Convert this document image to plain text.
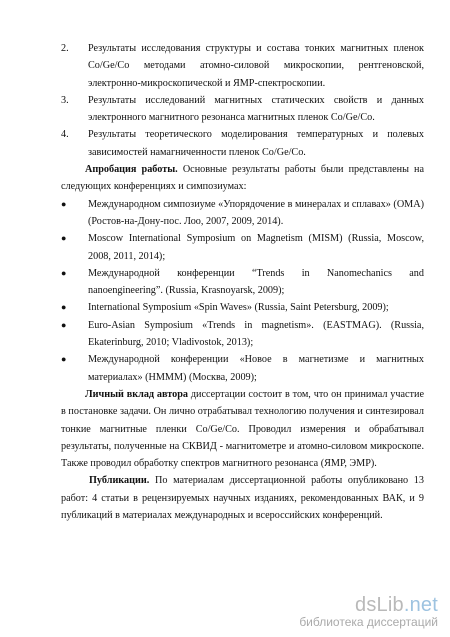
2. Результаты исследования структуры и состава тонких магнитных пленок Co/Ge/Co методами атомно-силовой микроскопии, рентгеновской, электронно-микроскопической и ЯМР-спектроскопии.
3. Результаты исследований магнитных статических свойств и данных электронного магнитного резонанса магнитных пленок Co/Ge/Co.
4. Результаты теоретического моделирования температурных и полевых зависимостей намагниченности пленок Co/Ge/Co.
Апробация работы. Основные результаты работы были представлены на следующих конференциях и симпозиумах:
● Международном симпозиуме «Упорядочение в минералах и сплавах» (ОМА) (Ростов-на-Дону-пос. Лоо, 2007, 2009, 2014).
● Moscow International Symposium on Magnetism (MISM) (Russia, Moscow, 2008, 2011, 2014);
● Международной конференции “Trends in Nanomechanics and nanoengineering”. (Russia, Krasnoyarsk, 2009);
● International Symposium «Spin Waves» (Russia, Saint Petersburg, 2009);
● Euro-Asian Symposium «Trends in magnetism». (EASTMAG). (Russia, Ekaterinburg, 2010; Vladivostok, 2013);
● Международной конференции «Новое в магнетизме и магнитных материалах» (НМММ) (Москва, 2009);
Личный вклад автора диссертации состоит в том, что он принимал участие в постановке задачи. Он лично отрабатывал технологию получения и синтезировал тонкие магнитные пленки Co/Ge/Co. Проводил измерения и обрабатывал результаты, полученные на СКВИД - магнитометре и атомно-силовом микроскопе. Также проводил обработку спектров магнитного резонанса (ЯМР, ЭМР).
Публикации. По материалам диссертационной работы опубликовано 13 работ: 4 статьи в рецензируемых научных изданиях, рекомендованных ВАК, и 9 публикаций в материалах международных и всероссийских конференций.
dsLib.net
библиотека диссертаций
